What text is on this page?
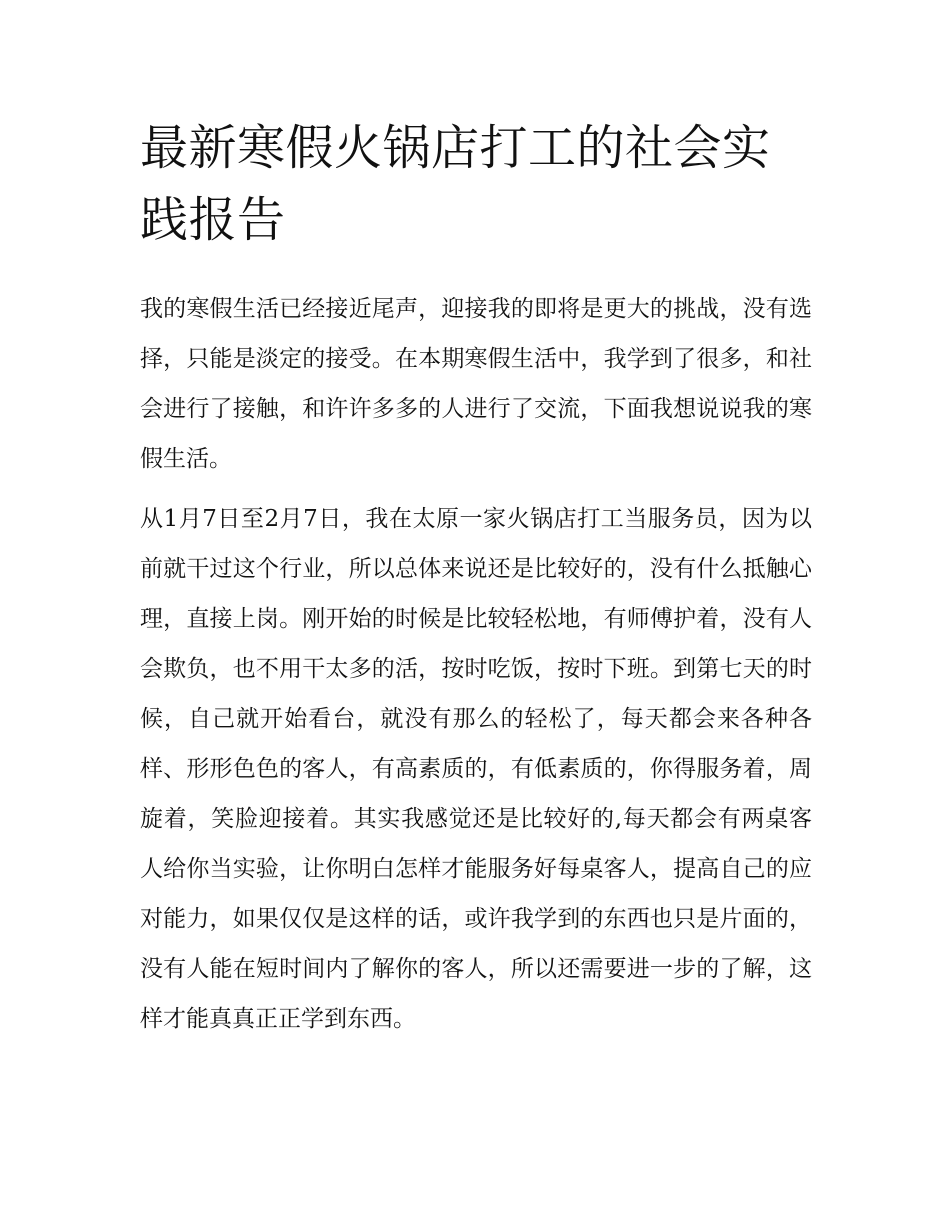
最新寒假火锅店打工的社会实践报告

我的寒假生活已经接近尾声，迎接我的即将是更大的挑战，没有选择，只能是淡定的接受。在本期寒假生活中，我学到了很多，和社会进行了接触，和许许多多的人进行了交流，下面我想说说我的寒假生活。

从1月7日至2月7日，我在太原一家火锅店打工当服务员，因为以前就干过这个行业，所以总体来说还是比较好的，没有什么抵触心理，直接上岗。刚开始的时候是比较轻松地，有师傅护着，没有人会欺负，也不用干太多的活，按时吃饭，按时下班。到第七天的时候，自己就开始看台，就没有那么的轻松了，每天都会来各种各样、形形色色的客人，有高素质的，有低素质的，你得服务着，周旋着，笑脸迎接着。其实我感觉还是比较好的,每天都会有两桌客人给你当实验，让你明白怎样才能服务好每桌客人，提高自己的应对能力，如果仅仅是这样的话，或许我学到的东西也只是片面的，没有人能在短时间内了解你的客人，所以还需要进一步的了解，这样才能真真正正学到东西。
